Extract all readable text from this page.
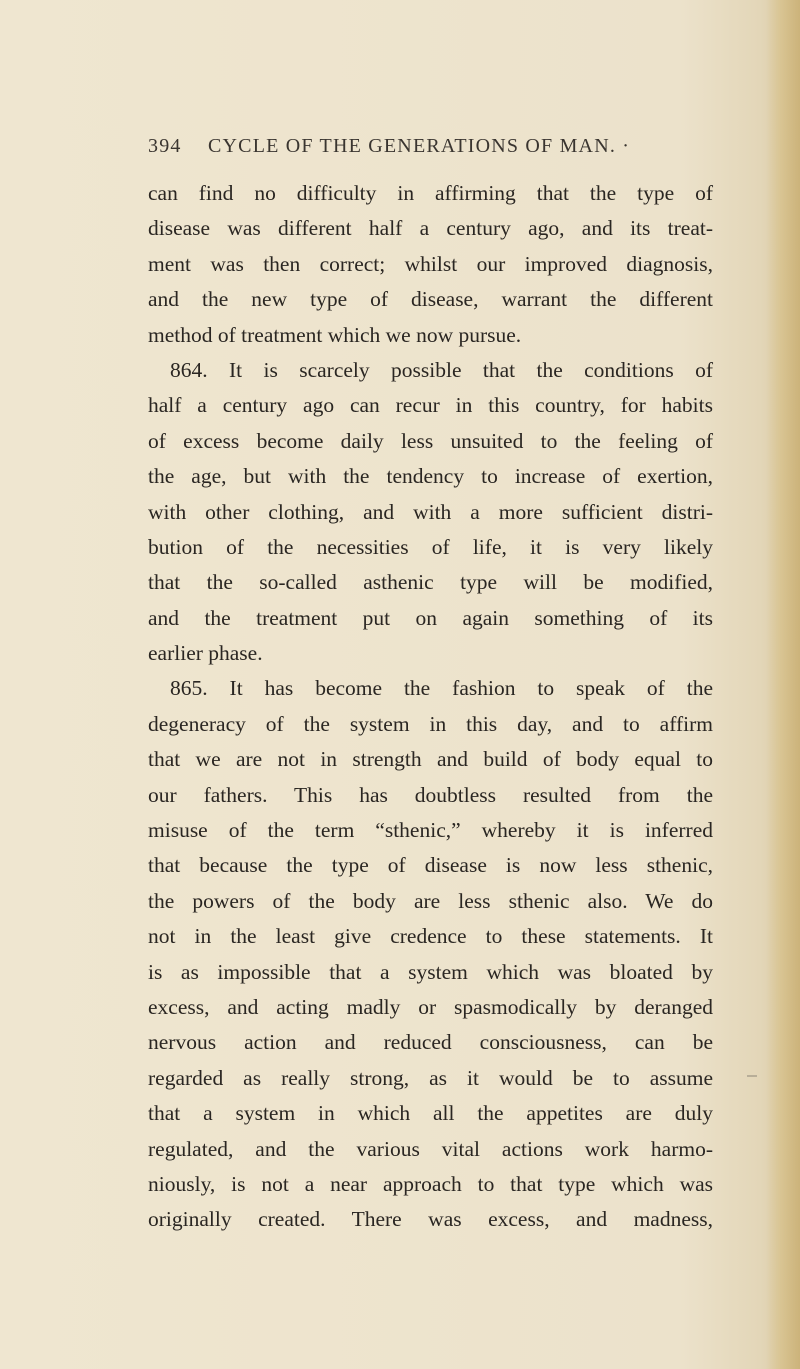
394 CYCLE OF THE GENERATIONS OF MAN. ·
can find no difficulty in affirming that the type of
disease was different half a century ago, and its treat-
ment was then correct; whilst our improved diagnosis,
and the new type of disease, warrant the different
method of treatment which we now pursue.
864. It is scarcely possible that the conditions of
half a century ago can recur in this country, for habits
of excess become daily less unsuited to the feeling of
the age, but with the tendency to increase of exertion,
with other clothing, and with a more sufficient distri-
bution of the necessities of life, it is very likely
that the so-called asthenic type will be modified,
and the treatment put on again something of its
earlier phase.
865. It has become the fashion to speak of the
degeneracy of the system in this day, and to affirm
that we are not in strength and build of body equal to
our fathers. This has doubtless resulted from the
misuse of the term “sthenic,” whereby it is inferred
that because the type of disease is now less sthenic,
the powers of the body are less sthenic also. We do
not in the least give credence to these statements. It
is as impossible that a system which was bloated by
excess, and acting madly or spasmodically by deranged
nervous action and reduced consciousness, can be
regarded as really strong, as it would be to assume
that a system in which all the appetites are duly
regulated, and the various vital actions work harmo-
niously, is not a near approach to that type which was
originally created. There was excess, and madness,
